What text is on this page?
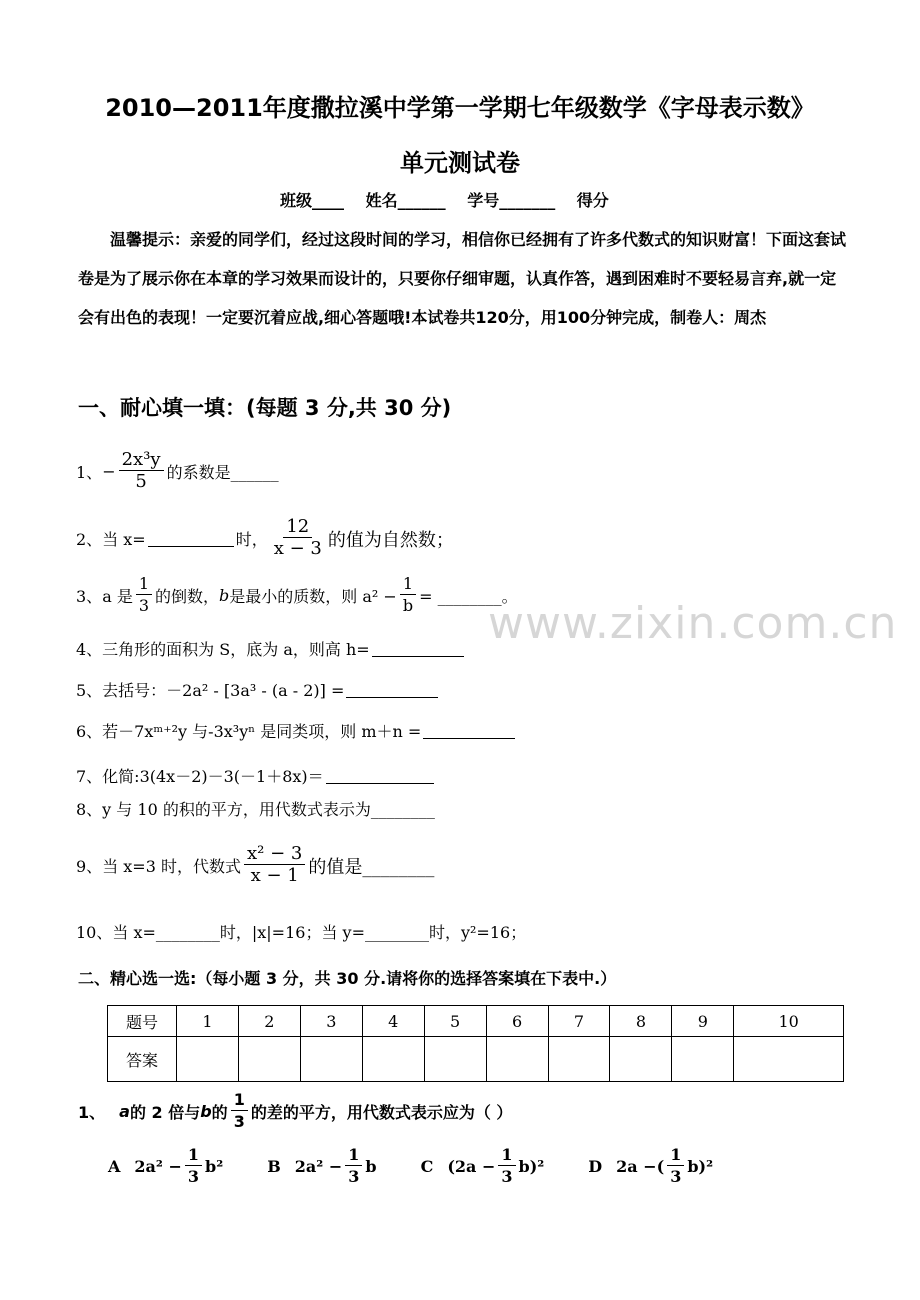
2010—2011年度撒拉溪中学第一学期七年级数学《字母表示数》
单元测试卷
班级____ 姓名______ 学号_______ 得分
温馨提示：亲爱的同学们，经过这段时间的学习，相信你已经拥有了许多代数式的知识财富！下面这套试卷是为了展示你在本章的学习效果而设计的，只要你仔细审题，认真作答，遇到困难时不要轻易言弃,就一定会有出色的表现！一定要沉着应战,细心答题哦!本试卷共120分，用100分钟完成，制卷人：周杰
一、耐心填一填：(每题 3 分,共 30 分)
1、 − $\frac{\text{2x³y}}{5}$ 的系数是______
2、 当 x=	时， $\frac{12}{x - 3}$ 的值为自然数；
3、 a 是 $\frac{1}{3}$ 的倒数， b 是最小的质数，则 $a^2 - \frac{1}{b}$ = ________。
4、三角形的面积为 S，底为 a，则高 h=
5、去括号：－2a² - [3a³ - (a - 2)] =
6、若－7xᵐ⁺²y 与-3x³yⁿ 是同类项，则 m＋n =
7、化简:3(4x－2)－3(－1＋8x)＝
8、y 与 10 的积的平方，用代数式表示为________
9、 当 x=3 时，代数式 $\frac{\text{x² − 3}}{x - 1}$ 的值是________
10、当 x=________时，|x|=16；当 y=________时，y²=16；
二、精心选一选:（每小题 3 分，共 30 分.请将你的选择答案填在下表中.）
题号	1	2	3	4	5	6	7	8	9	10
答案										
1、 a 的 2 倍与 b 的 $\frac{1}{3}$ 的差的平方，用代数式表示应为（ ）
A $2a^2 - \frac{1}{3} b^2$	B $2a^2 - \frac{1}{3}$ b	C $(2a - \frac{1}{3} b)^2$	D 2a −( $\frac{1}{3} b)^2$
www.zixin.com.cn
